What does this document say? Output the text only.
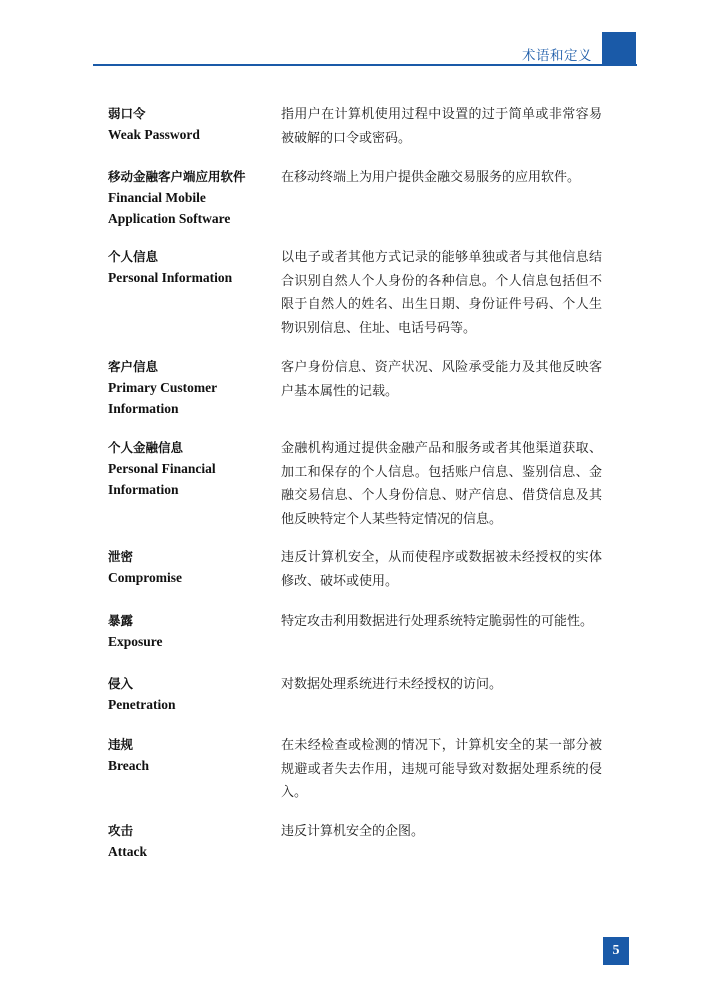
术语和定义
弱口令
Weak Password
指用户在计算机使用过程中设置的过于简单或非常容易被破解的口令或密码。
移动金融客户端应用软件
Financial Mobile
Application Software
在移动终端上为用户提供金融交易服务的应用软件。
个人信息
Personal Information
以电子或者其他方式记录的能够单独或者与其他信息结合识别自然人个人身份的各种信息。个人信息包括但不限于自然人的姓名、出生日期、身份证件号码、个人生物识别信息、住址、电话号码等。
客户信息
Primary Customer
Information
客户身份信息、资产状况、风险承受能力及其他反映客户基本属性的记载。
个人金融信息
Personal Financial
Information
金融机构通过提供金融产品和服务或者其他渠道获取、加工和保存的个人信息。包括账户信息、鉴别信息、金融交易信息、个人身份信息、财产信息、借贷信息及其他反映特定个人某些特定情况的信息。
泄密
Compromise
违反计算机安全，从而使程序或数据被未经授权的实体修改、破坏或使用。
暴露
Exposure
特定攻击利用数据进行处理系统特定脆弱性的可能性。
侵入
Penetration
对数据处理系统进行未经授权的访问。
违规
Breach
在未经检查或检测的情况下，计算机安全的某一部分被规避或者失去作用，违规可能导致对数据处理系统的侵入。
攻击
Attack
违反计算机安全的企图。
5
